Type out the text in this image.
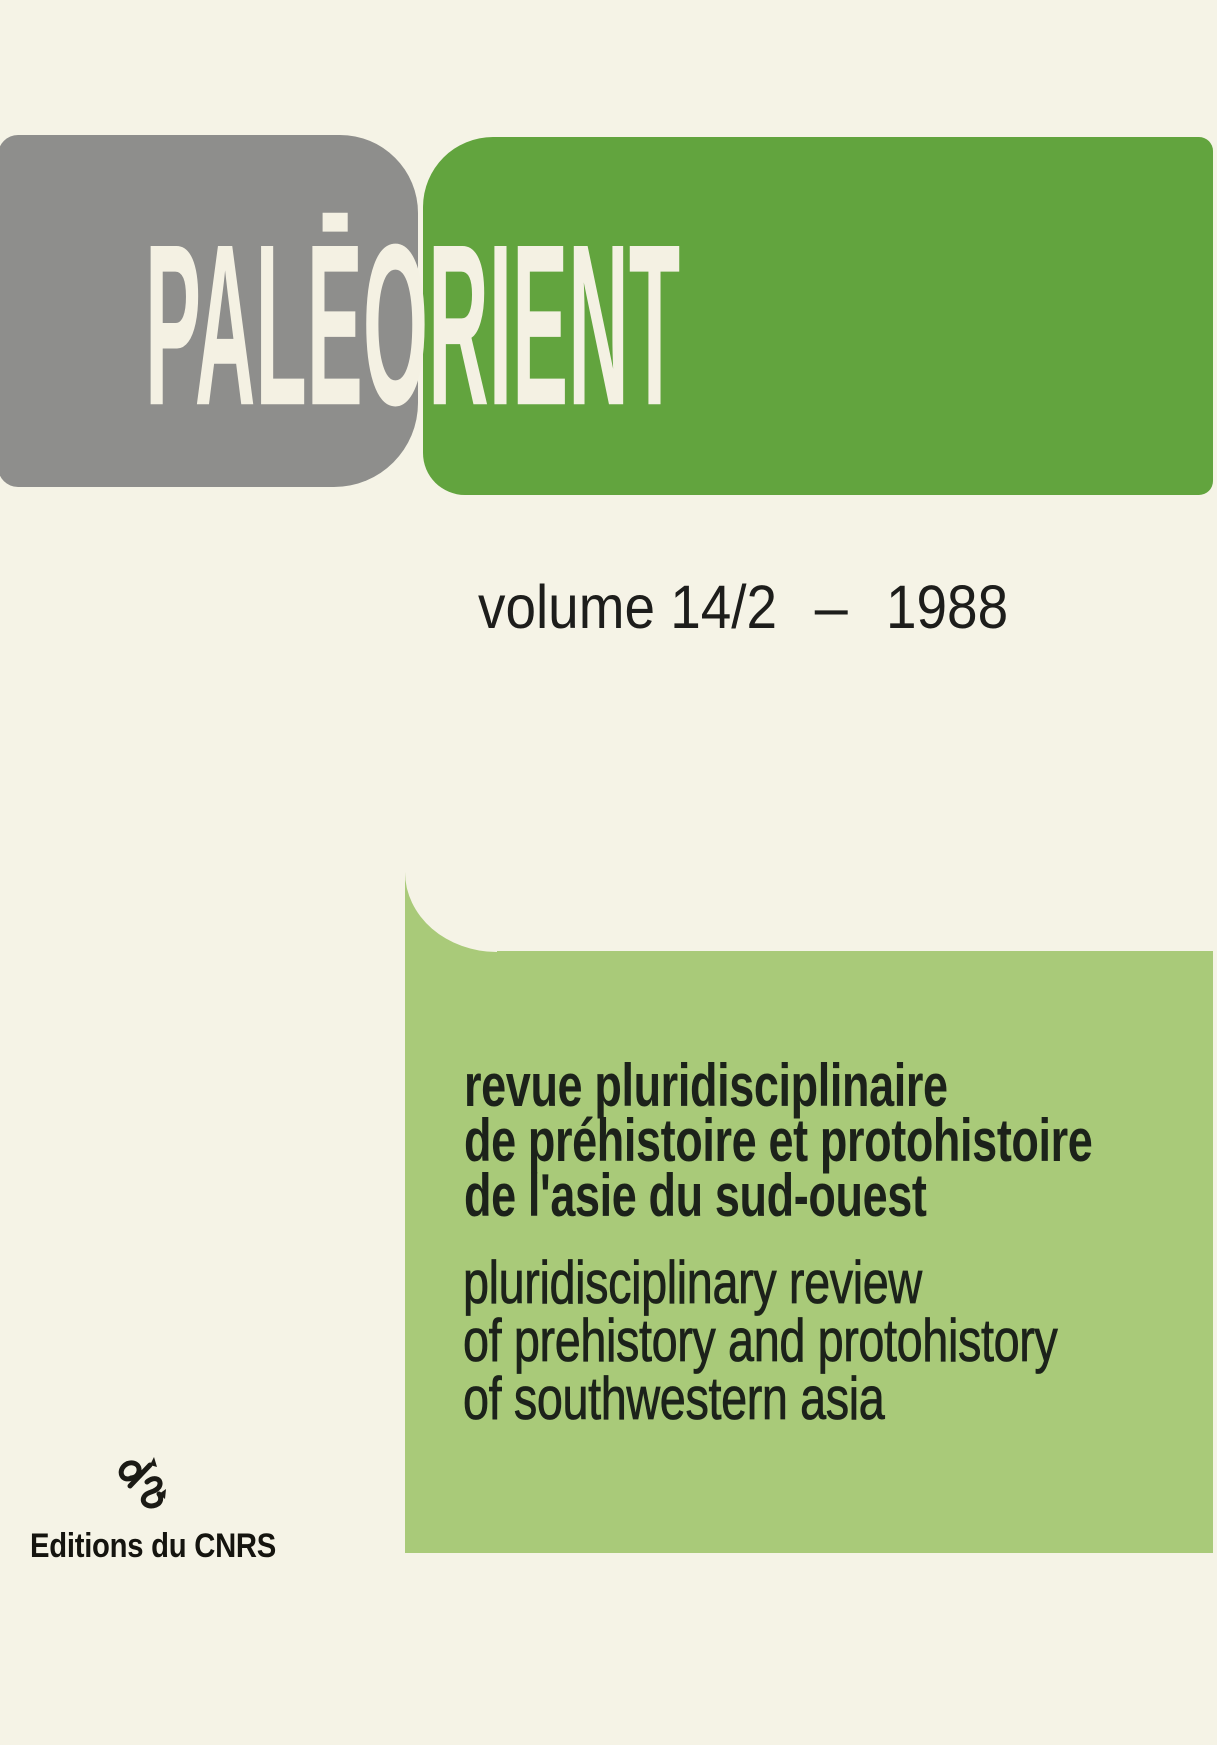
PALĒORIENT
volume 14/2 — 1988
revue pluridisciplinaire
de préhistoire et protohistoire
de l'asie du sud-ouest
pluridisciplinary review
of prehistory and protohistory
of southwestern asia
Editions du CNRS
